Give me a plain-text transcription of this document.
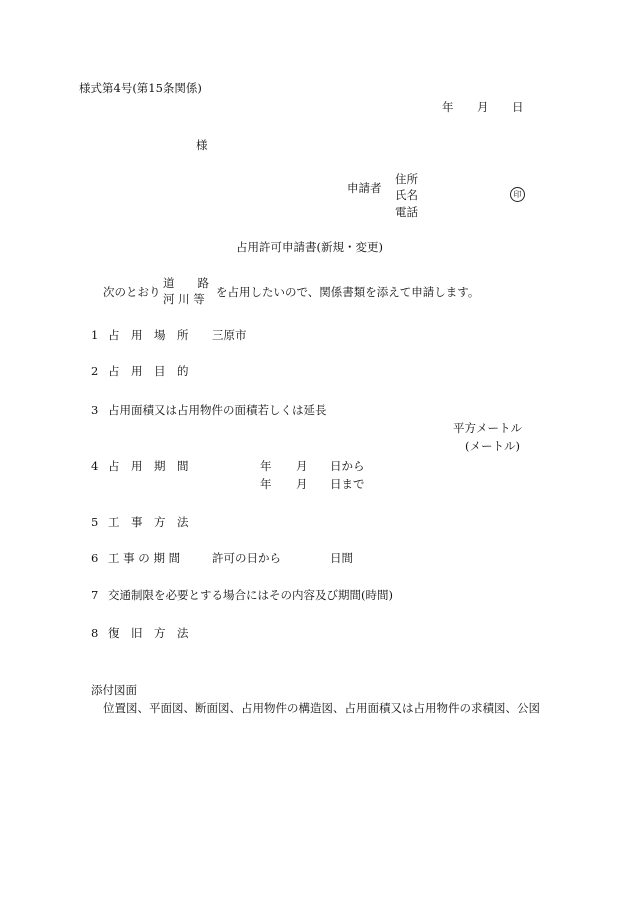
様式第4号(第15条関係)
年 月 日
様
申請者
住所
氏名
電話
印
占用許可申請書(新規・変更)
次のとおり
道　　路
河 川 等 を占用したいので、関係書類を添えて申請します。
1 占　用　場　所 三原市
2 占　用　目　的
3 占用面積又は占用物件の面積若しくは延長
平方メートル
(メートル)
4 占　用　期　間	年 月 日から
年 月 日まで
5 工　事　方　法
6 工 事 の 期 間	許可の日から	日間
7 交通制限を必要とする場合にはその内容及び期間(時間)
8 復　旧　方　法
添付図面
位置図、平面図、断面図、占用物件の構造図、占用面積又は占用物件の求積図、公図
